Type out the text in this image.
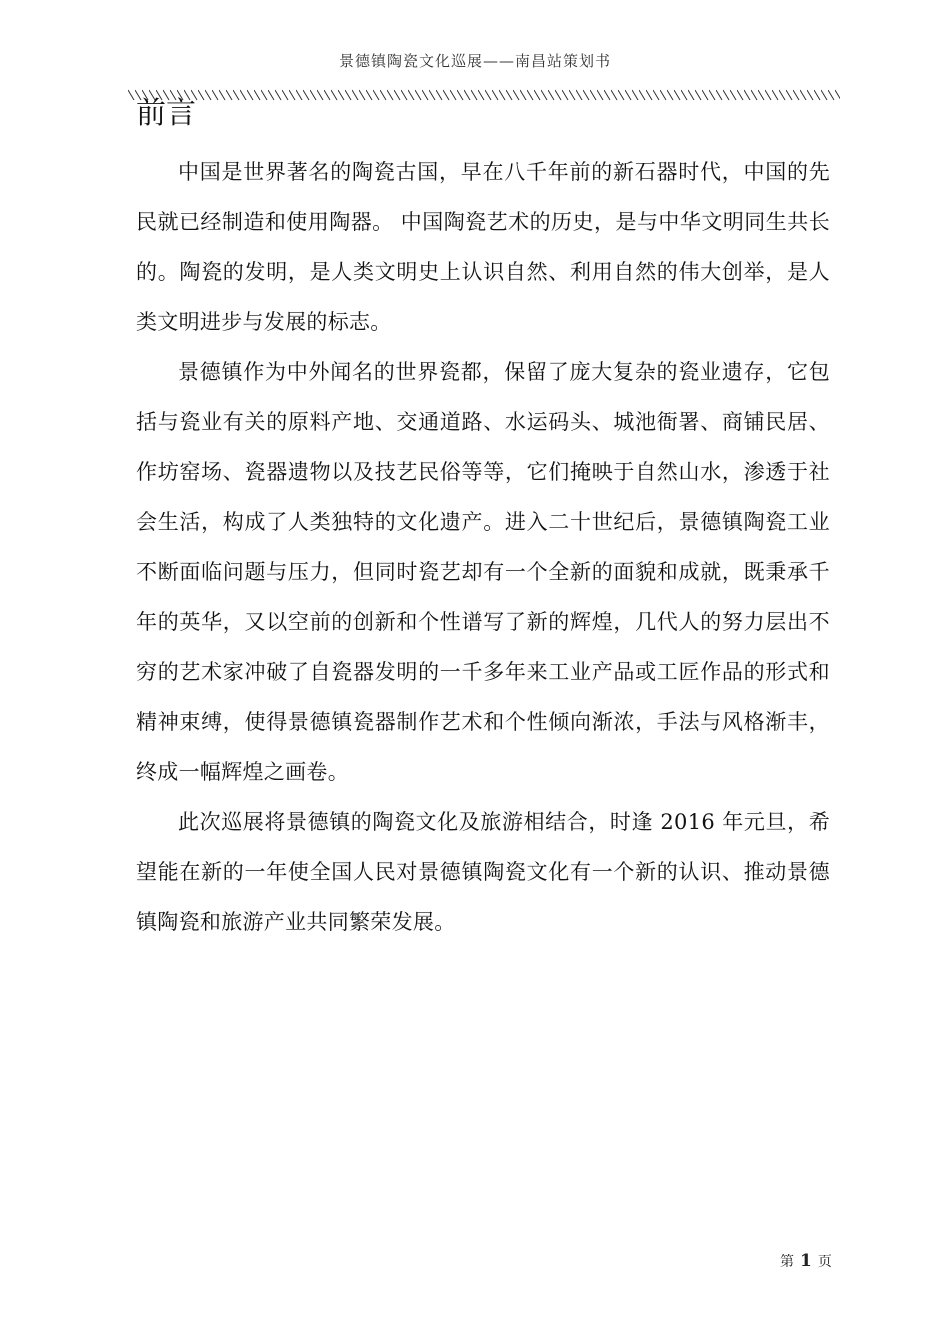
景德镇陶瓷文化巡展——南昌站策划书
前言

中国是世界著名的陶瓷古国，早在八千年前的新石器时代，中国的先民就已经制造和使用陶器。 中国陶瓷艺术的历史，是与中华文明同生共长的。陶瓷的发明，是人类文明史上认识自然、利用自然的伟大创举，是人类文明进步与发展的标志。

景德镇作为中外闻名的世界瓷都，保留了庞大复杂的瓷业遗存，它包括与瓷业有关的原料产地、交通道路、水运码头、城池衙署、商铺民居、作坊窑场、瓷器遗物以及技艺民俗等等，它们掩映于自然山水，渗透于社会生活，构成了人类独特的文化遗产。进入二十世纪后，景德镇陶瓷工业不断面临问题与压力，但同时瓷艺却有一个全新的面貌和成就，既秉承千年的英华，又以空前的创新和个性谱写了新的辉煌，几代人的努力层出不穷的艺术家冲破了自瓷器发明的一千多年来工业产品或工匠作品的形式和精神束缚，使得景德镇瓷器制作艺术和个性倾向渐浓，手法与风格渐丰，终成一幅辉煌之画卷。

此次巡展将景德镇的陶瓷文化及旅游相结合，时逢 2016 年元旦，希望能在新的一年使全国人民对景德镇陶瓷文化有一个新的认识、推动景德镇陶瓷和旅游产业共同繁荣发展。

第 1 页
